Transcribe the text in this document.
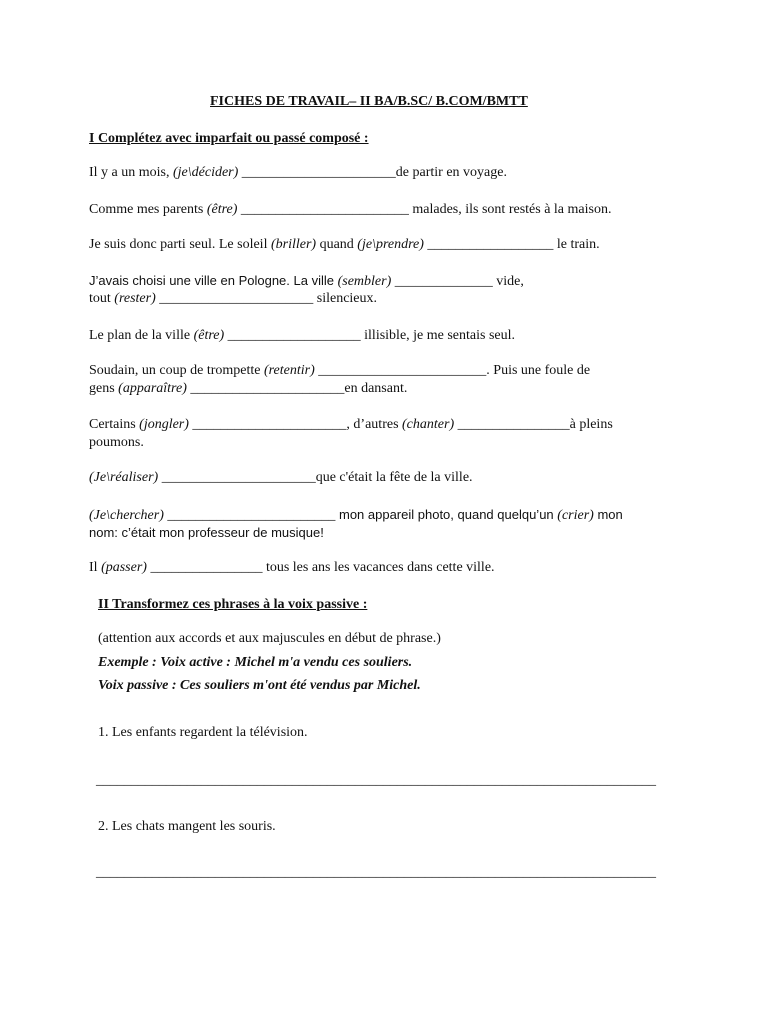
FICHES DE TRAVAIL– II BA/B.SC/ B.COM/BMTT
I Complétez avec imparfait ou passé composé :
Il y a un mois, (je\décider) ______________________de partir en voyage.
Comme mes parents (être) ________________________ malades, ils sont restés à la maison.
Je suis donc parti seul. Le soleil (briller) quand (je\prendre) __________________ le train.
J’avais choisi une ville en Pologne. La ville (sembler) ______________ vide,
tout (rester) ______________________ silencieux.
Le plan de la ville (être) ___________________ illisible, je me sentais seul.
Soudain, un coup de trompette (retentir) ________________________. Puis une foule de
gens (apparaître) ______________________en dansant.
Certains (jongler) ______________________, d’autres (chanter) ________________à pleins
poumons.
(Je\réaliser) ______________________que c'était la fête de la ville.
(Je\chercher) ________________________ mon appareil photo, quand quelqu’un (crier) mon
nom: c’était mon professeur de musique!
Il (passer) ________________ tous les ans les vacances dans cette ville.
II Transformez ces phrases à la voix passive :
(attention aux accords et aux majuscules en début de phrase.)
Exemple : Voix active : Michel m'a vendu ces souliers.
Voix passive : Ces souliers m'ont été vendus par Michel.
1. Les enfants regardent la télévision.
________________________________________________________________________________
2. Les chats mangent les souris.
________________________________________________________________________________
